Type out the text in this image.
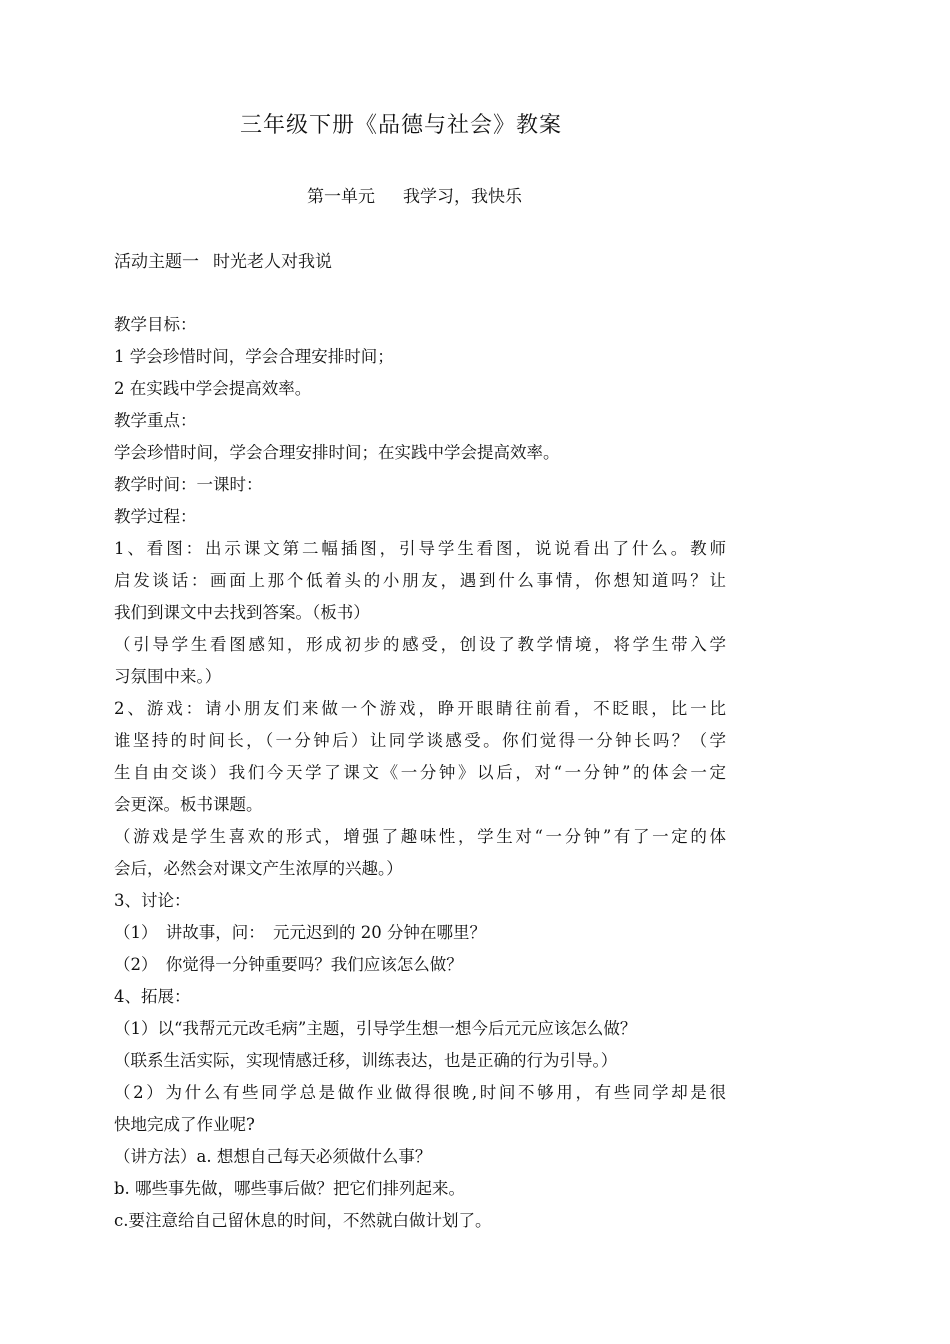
三年级下册《品德与社会》教案
第一单元 我学习，我快乐
活动主题一 时光老人对我说
教学目标：
1 学会珍惜时间，学会合理安排时间；
2 在实践中学会提高效率。
教学重点：
学会珍惜时间，学会合理安排时间；在实践中学会提高效率。
教学时间：一课时：
教学过程：
1、看图：出示课文第二幅插图，引导学生看图，说说看出了什么。教师
启发谈话：画面上那个低着头的小朋友，遇到什么事情，你想知道吗？让
我们到课文中去找到答案。（板书）
（引导学生看图感知，形成初步的感受，创设了教学情境，将学生带入学
习氛围中来。）
2、游戏：请小朋友们来做一个游戏，睁开眼睛往前看，不眨眼，比一比
谁坚持的时间长，（一分钟后）让同学谈感受。你们觉得一分钟长吗？（学
生自由交谈）我们今天学了课文《一分钟》以后，对“一分钟”的体会一定
会更深。板书课题。
（游戏是学生喜欢的形式，增强了趣味性，学生对“一分钟”有了一定的体
会后，必然会对课文产生浓厚的兴趣。）
3、讨论：
（1）　讲故事，问：　元元迟到的 20 分钟在哪里？
（2）　你觉得一分钟重要吗？我们应该怎么做？
4、拓展：
（1）以“我帮元元改毛病”主题，引导学生想一想今后元元应该怎么做？
（联系生活实际，实现情感迁移，训练表达，也是正确的行为引导。）
（2）为什么有些同学总是做作业做得很晚,时间不够用，有些同学却是很
快地完成了作业呢?
（讲方法）a. 想想自己每天必须做什么事？
b. 哪些事先做，哪些事后做？把它们排列起来。
c.要注意给自己留休息的时间，不然就白做计划了。
